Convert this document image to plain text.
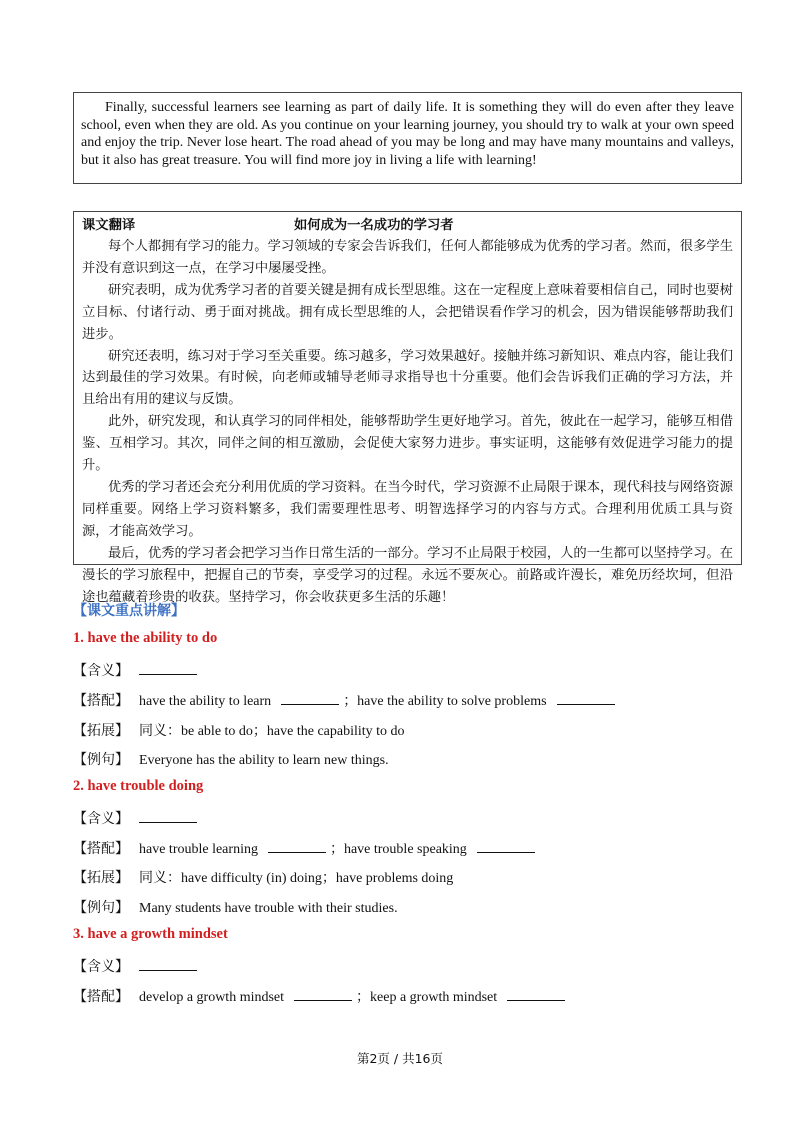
Finally, successful learners see learning as part of daily life. It is something they will do even after they leave school, even when they are old. As you continue on your learning journey, you should try to walk at your own speed and enjoy the trip. Never lose heart. The road ahead of you may be long and may have many mountains and valleys, but it also has great treasure. You will find more joy in living a life with learning!

课文翻译	如何成为一名成功的学习者

每个人都拥有学习的能力。学习领域的专家会告诉我们，任何人都能够成为优秀的学习者。然而，很多学生并没有意识到这一点，在学习中屡屡受挫。

研究表明，成为优秀学习者的首要关键是拥有成长型思维。这在一定程度上意味着要相信自己，同时也要树立目标、付诸行动、勇于面对挑战。拥有成长型思维的人，会把错误看作学习的机会，因为错误能够帮助我们进步。

研究还表明，练习对于学习至关重要。练习越多，学习效果越好。接触并练习新知识、难点内容，能让我们达到最佳的学习效果。有时候，向老师或辅导老师寻求指导也十分重要。他们会告诉我们正确的学习方法，并且给出有用的建议与反馈。

此外，研究发现，和认真学习的同伴相处，能够帮助学生更好地学习。首先，彼此在一起学习，能够互相借鉴、互相学习。其次，同伴之间的相互激励，会促使大家努力进步。事实证明，这能够有效促进学习能力的提升。

优秀的学习者还会充分利用优质的学习资料。在当今时代，学习资源不止局限于课本，现代科技与网络资源同样重要。网络上学习资料繁多，我们需要理性思考、明智选择学习的内容与方式。合理利用优质工具与资源，才能高效学习。

最后，优秀的学习者会把学习当作日常生活的一部分。学习不止局限于校园，人的一生都可以坚持学习。在漫长的学习旅程中，把握自己的节奏，享受学习的过程。永远不要灰心。前路或许漫长，难免历经坎坷，但沿途也蕴藏着珍贵的收获。坚持学习，你会收获更多生活的乐趣！

【课文重点讲解】
1. have the ability to do
【含义】
【搭配】 have the ability to learn	；have the ability to solve problems
【拓展】 同义：be able to do；have the capability to do
【例句】 Everyone has the ability to learn new things.
2. have trouble doing
【含义】
【搭配】 have trouble learning	；have trouble speaking
【拓展】 同义：have difficulty (in) doing；have problems doing
【例句】 Many students have trouble with their studies.
3. have a growth mindset
【含义】
【搭配】 develop a growth mindset	；keep a growth mindset
第2页 / 共16页
